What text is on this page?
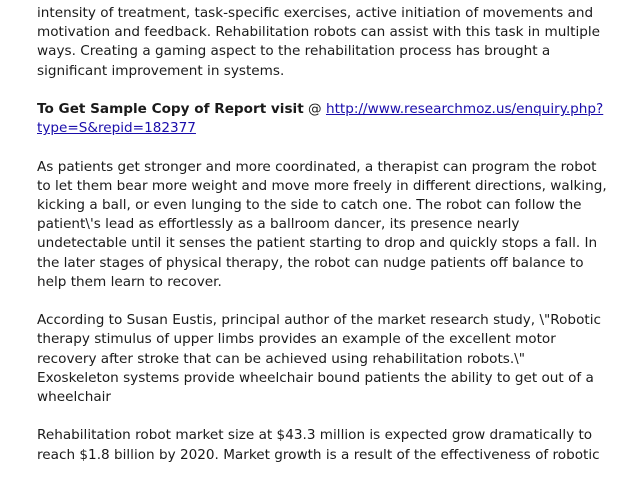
intensity of treatment, task-specific exercises, active initiation of movements and motivation and feedback. Rehabilitation robots can assist with this task in multiple ways. Creating a gaming aspect to the rehabilitation process has brought a significant improvement in systems.

To Get Sample Copy of Report visit @ http://www.researchmoz.us/enquiry.php?type=S&repid=182377

As patients get stronger and more coordinated, a therapist can program the robot to let them bear more weight and move more freely in different directions, walking, kicking a ball, or even lunging to the side to catch one. The robot can follow the patient\'s lead as effortlessly as a ballroom dancer, its presence nearly undetectable until it senses the patient starting to drop and quickly stops a fall. In the later stages of physical therapy, the robot can nudge patients off balance to help them learn to recover.

According to Susan Eustis, principal author of the market research study, \"Robotic therapy stimulus of upper limbs provides an example of the excellent motor recovery after stroke that can be achieved using rehabilitation robots.\" Exoskeleton systems provide wheelchair bound patients the ability to get out of a wheelchair

Rehabilitation robot market size at $43.3 million is expected grow dramatically to reach $1.8 billion by 2020. Market growth is a result of the effectiveness of robotic
